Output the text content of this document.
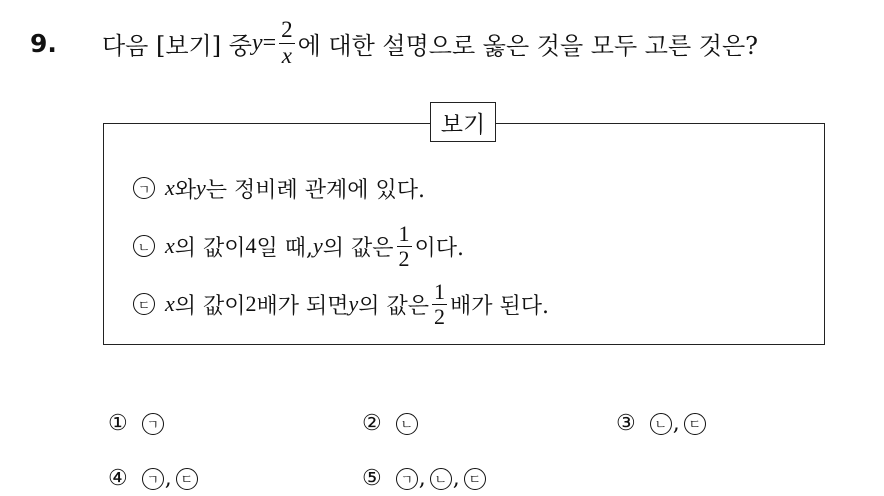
9.	다음 [보기] 중 $y = \frac{2}{x}$ 에 대한 설명으로 옳은 것을 모두 고른 것은?
보기
ㄱ x 와 y 는 정비례 관계에 있다.
ㄴ x 의 값이 4 일 때, y 의 값은 $\frac{1}{2}$ 이다.
ㄷ x 의 값이 2 배가 되면 y 의 값은 $\frac{1}{2}$ 배가 된다.
①	ㄱ	②	ㄴ	③	ㄴ , ㄷ
④	ㄱ , ㄷ	⑤	ㄱ , ㄴ , ㄷ
